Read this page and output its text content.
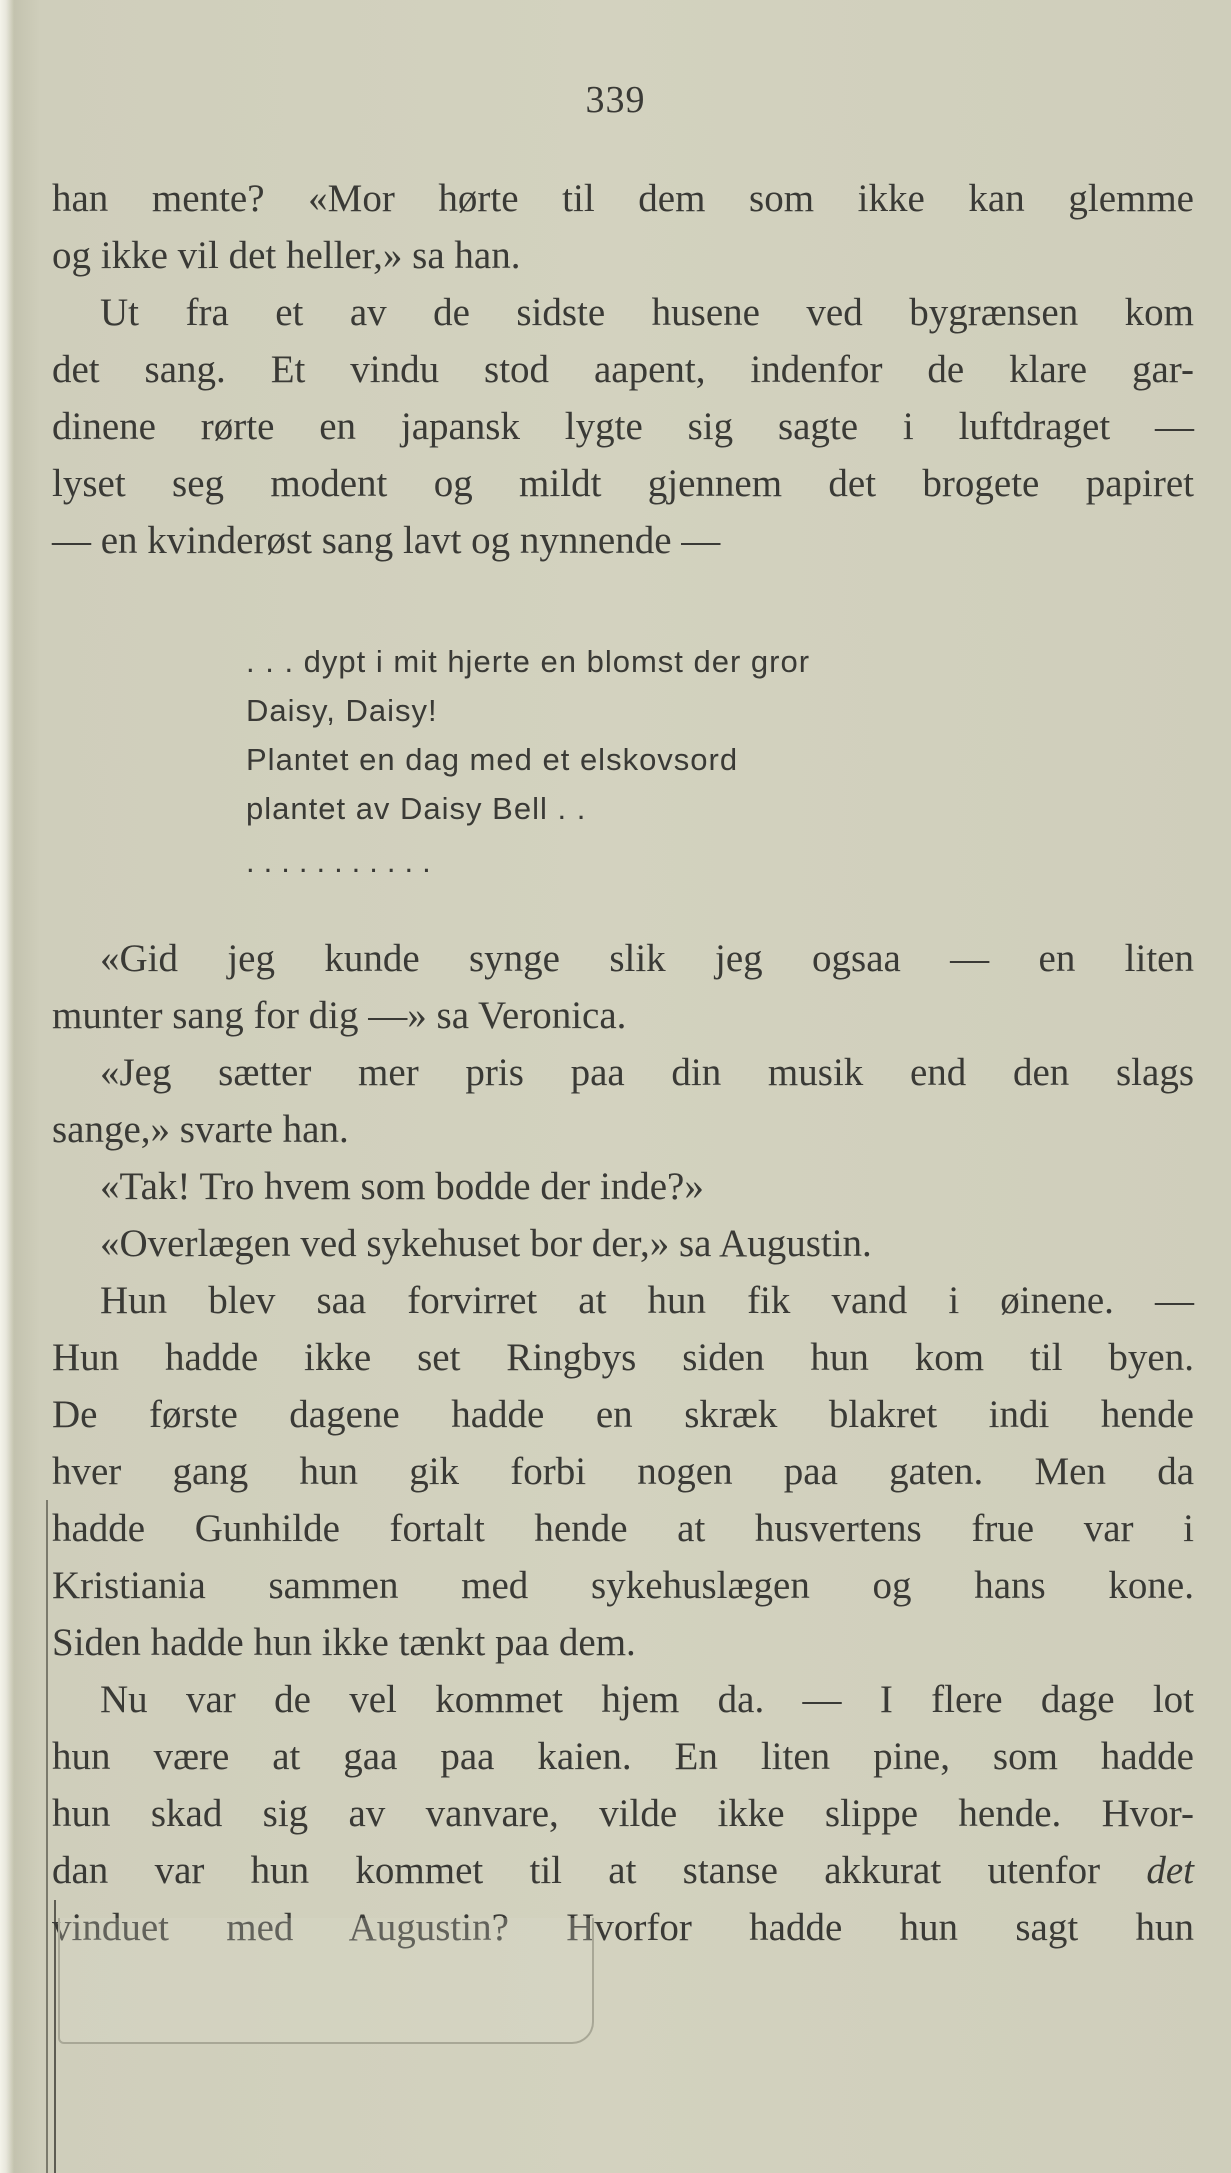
339
han mente? «Mor hørte til dem som ikke kan glemme
og ikke vil det heller,» sa han.
Ut fra et av de sidste husene ved bygrænsen kom
det sang. Et vindu stod aapent, indenfor de klare gar-
dinene rørte en japansk lygte sig sagte i luftdraget —
lyset seg modent og mildt gjennem det brogete papiret
— en kvinderøst sang lavt og nynnende —
. . . dypt i mit hjerte en blomst der gror
Daisy, Daisy!
Plantet en dag med et elskovsord
plantet av Daisy Bell . .
...........
«Gid jeg kunde synge slik jeg ogsaa — en liten
munter sang for dig —» sa Veronica.
«Jeg sætter mer pris paa din musik end den slags
sange,» svarte han.
«Tak! Tro hvem som bodde der inde?»
«Overlægen ved sykehuset bor der,» sa Augustin.
Hun blev saa forvirret at hun fik vand i øinene. —
Hun hadde ikke set Ringbys siden hun kom til byen.
De første dagene hadde en skræk blakret indi hende
hver gang hun gik forbi nogen paa gaten. Men da
hadde Gunhilde fortalt hende at husvertens frue var i
Kristiania sammen med sykehuslægen og hans kone.
Siden hadde hun ikke tænkt paa dem.
Nu var de vel kommet hjem da. — I flere dage lot
hun være at gaa paa kaien. En liten pine, som hadde
hun skad sig av vanvare, vilde ikke slippe hende. Hvor-
dan var hun kommet til at stanse akkurat utenfor det
vinduet med Augustin? Hvorfor hadde hun sagt hun
